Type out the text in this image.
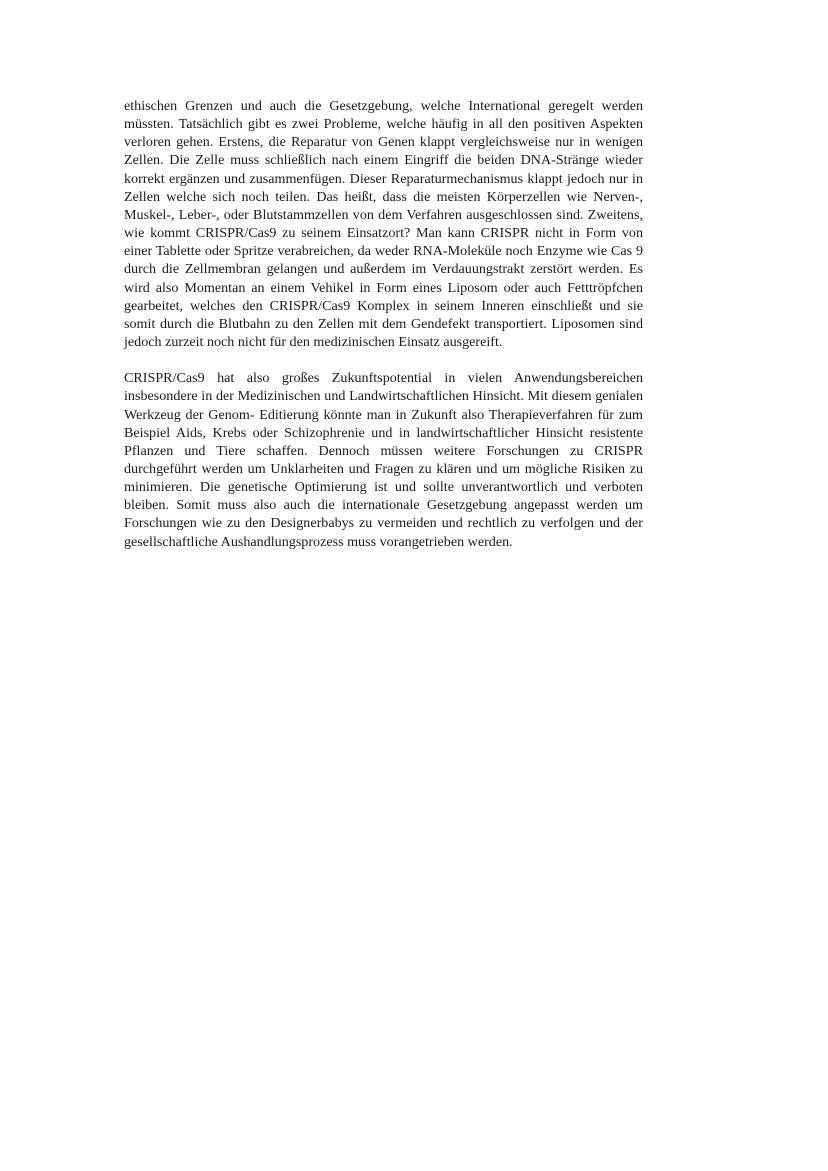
ethischen Grenzen und auch die Gesetzgebung, welche International geregelt werden müssten. Tatsächlich gibt es zwei Probleme, welche häufig in all den positiven Aspekten verloren gehen. Erstens, die Reparatur von Genen klappt vergleichsweise nur in wenigen Zellen. Die Zelle muss schließlich nach einem Eingriff die beiden DNA-Stränge wieder korrekt ergänzen und zusammenfügen. Dieser Reparaturmechanismus klappt jedoch nur in Zellen welche sich noch teilen. Das heißt, dass die meisten Körperzellen wie Nerven-, Muskel-, Leber-, oder Blutstammzellen von dem Verfahren ausgeschlossen sind. Zweitens, wie kommt CRISPR/Cas9 zu seinem Einsatzort? Man kann CRISPR nicht in Form von einer Tablette oder Spritze verabreichen, da weder RNA-Moleküle noch Enzyme wie Cas 9 durch die Zellmembran gelangen und außerdem im Verdauungstrakt zerstört werden. Es wird also Momentan an einem Vehikel in Form eines Liposom oder auch Fetttröpfchen gearbeitet, welches den CRISPR/Cas9 Komplex in seinem Inneren einschließt und sie somit durch die Blutbahn zu den Zellen mit dem Gendefekt transportiert. Liposomen sind jedoch zurzeit noch nicht für den medizinischen Einsatz ausgereift.

CRISPR/Cas9 hat also großes Zukunftspotential in vielen Anwendungsbereichen insbesondere in der Medizinischen und Landwirtschaftlichen Hinsicht. Mit diesem genialen Werkzeug der Genom- Editierung könnte man in Zukunft also Therapieverfahren für zum Beispiel Aids, Krebs oder Schizophrenie und in landwirtschaftlicher Hinsicht resistente Pflanzen und Tiere schaffen. Dennoch müssen weitere Forschungen zu CRISPR durchgeführt werden um Unklarheiten und Fragen zu klären und um mögliche Risiken zu minimieren. Die genetische Optimierung ist und sollte unverantwortlich und verboten bleiben. Somit muss also auch die internationale Gesetzgebung angepasst werden um Forschungen wie zu den Designerbabys zu vermeiden und rechtlich zu verfolgen und der gesellschaftliche Aushandlungsprozess muss vorangetrieben werden.
